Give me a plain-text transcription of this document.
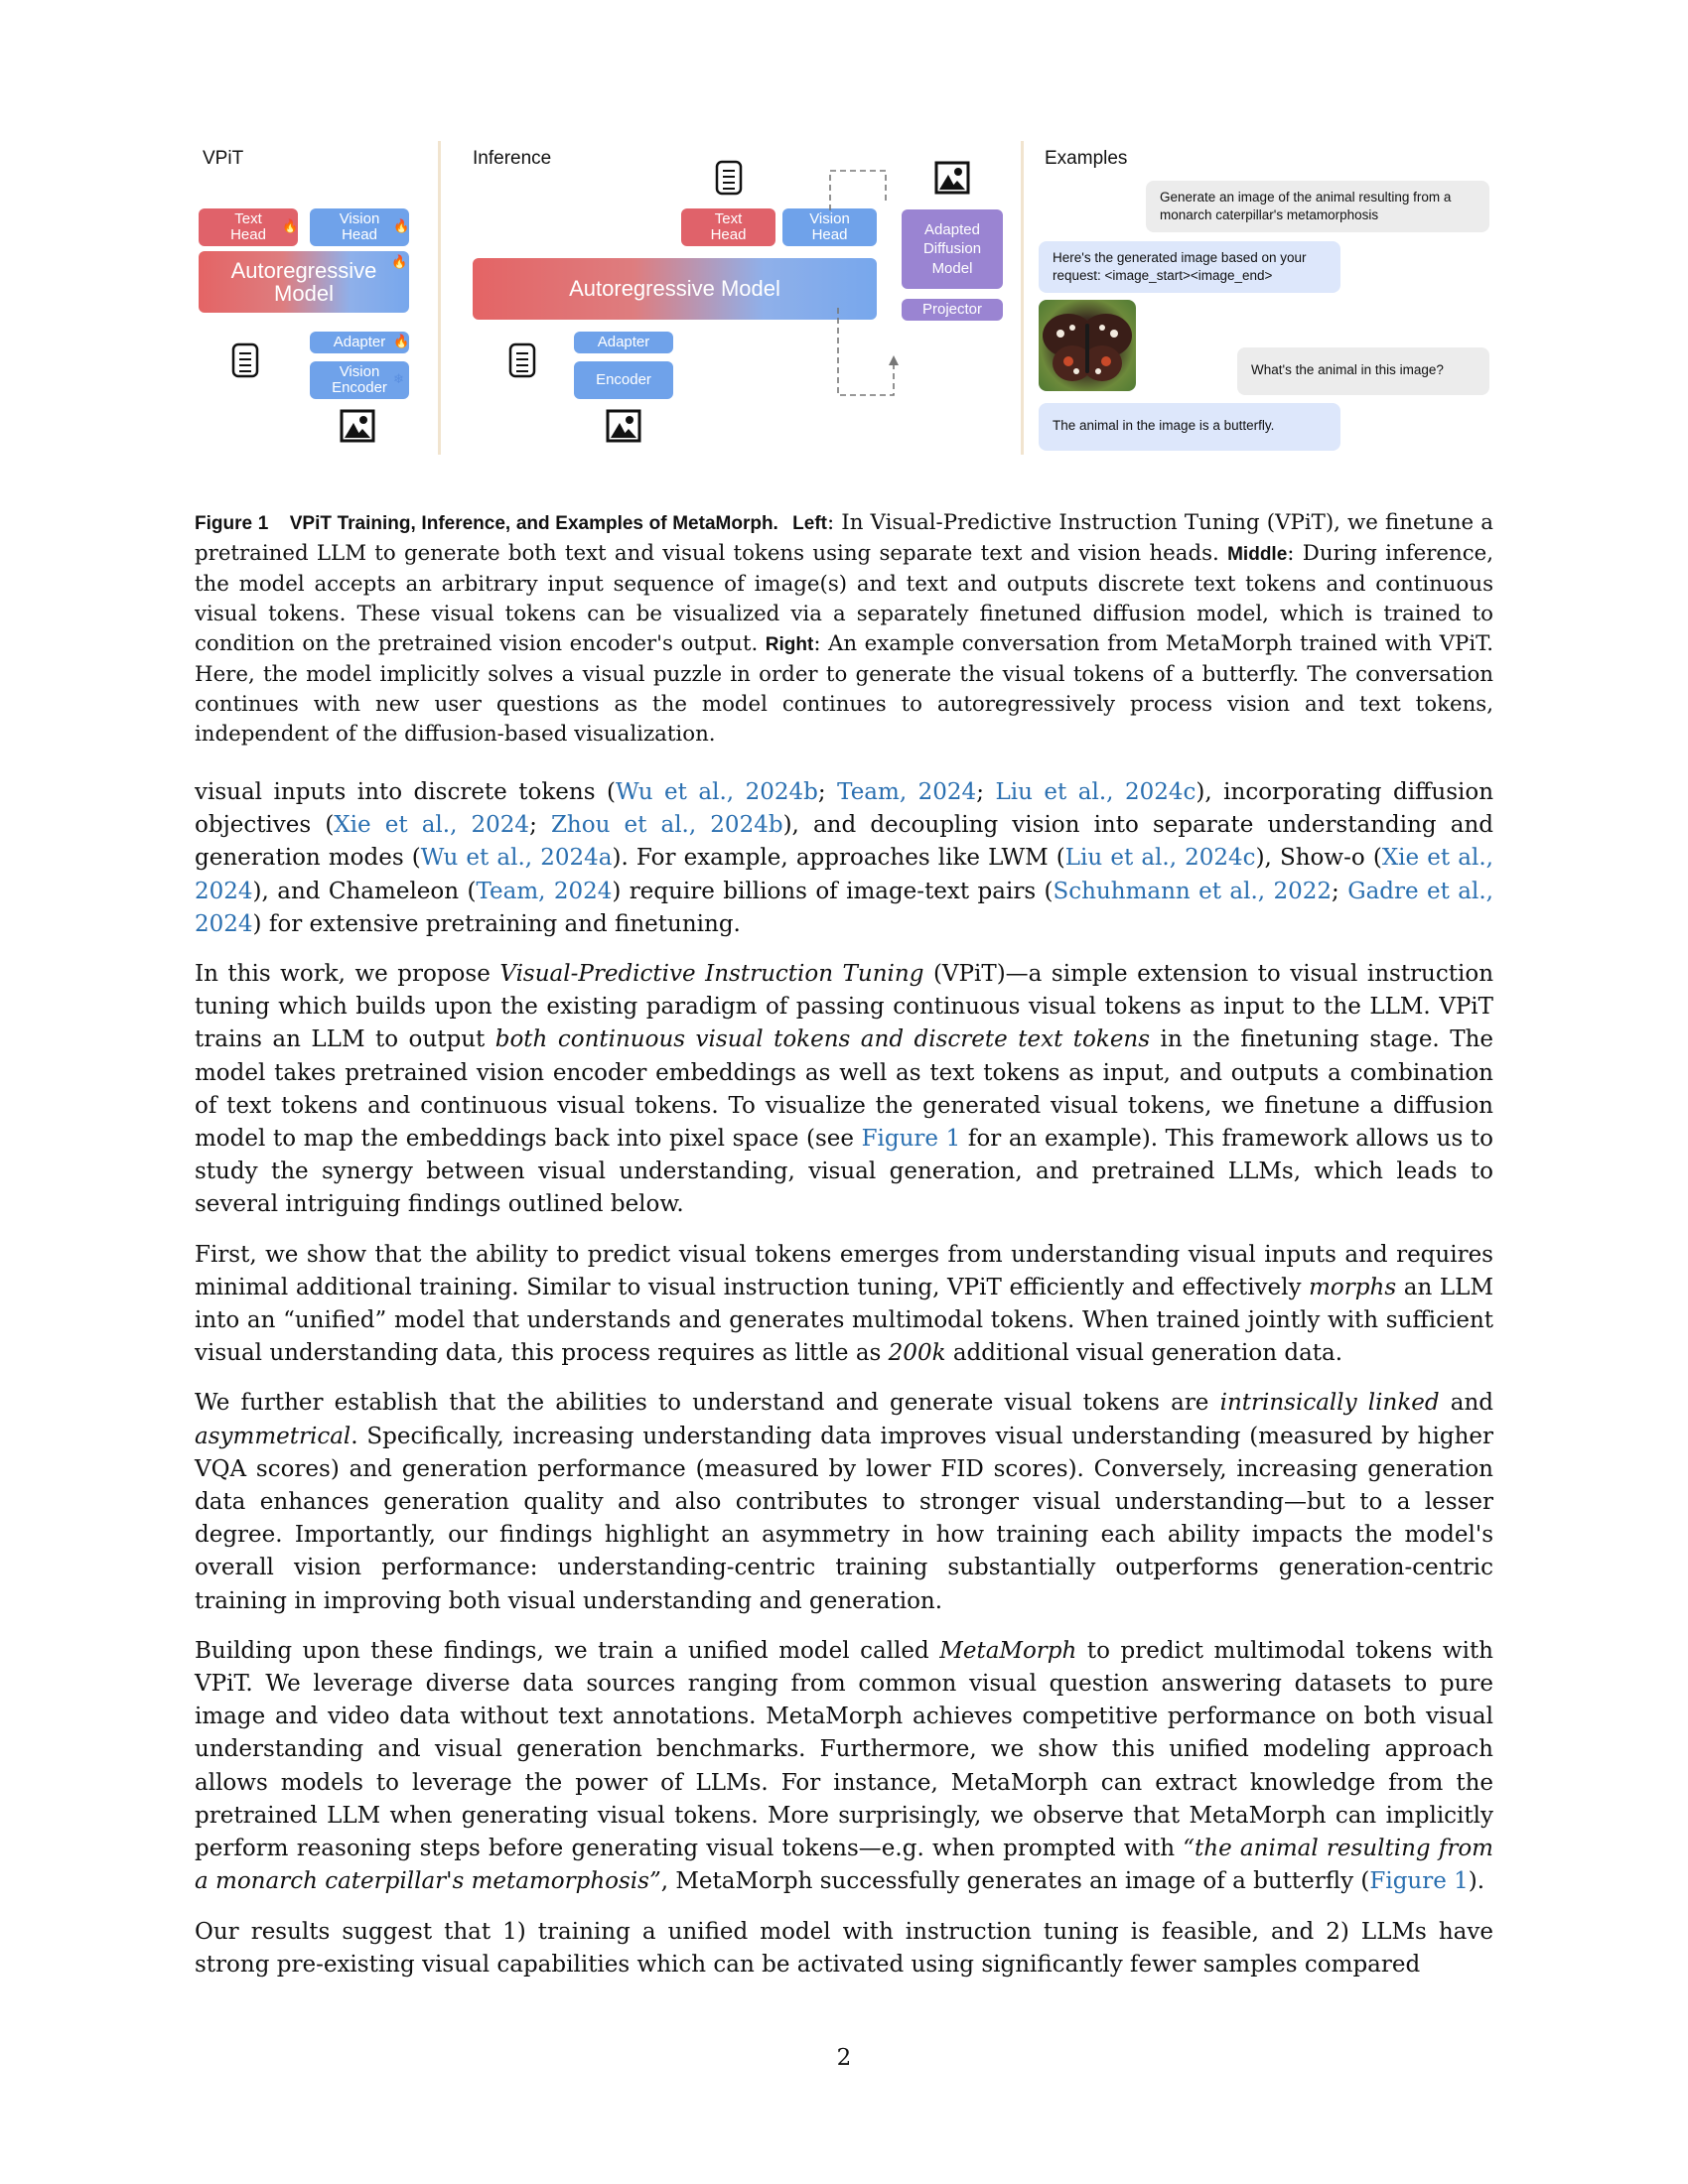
VPiT
Text Head
🔥	Vision Head
🔥
Autoregressive Model
🔥
Adapter 🔥
Vision Encoder
❄
Inference
Text Head
Vision Head
Autoregressive Model
Adapter
Encoder
Adapted Diffusion Model
Projector
Examples
Generate an image of the animal resulting from a monarch caterpillar's metamorphosis
Here's the generated image based on your request: <image_start><image_end>
What's the animal in this image?
The animal in the image is a butterfly.
Figure 1 VPiT Training, Inference, and Examples of MetaMorph. Left: In Visual-Predictive Instruction Tuning (VPiT), we finetune a pretrained LLM to generate both text and visual tokens using separate text and vision heads. Middle: During inference, the model accepts an arbitrary input sequence of image(s) and text and outputs discrete text tokens and continuous visual tokens. These visual tokens can be visualized via a separately finetuned diffusion model, which is trained to condition on the pretrained vision encoder's output. Right: An example conversation from MetaMorph trained with VPiT. Here, the model implicitly solves a visual puzzle in order to generate the visual tokens of a butterfly. The conversation continues with new user questions as the model continues to autoregressively process vision and text tokens, independent of the diffusion-based visualization.

visual inputs into discrete tokens (Wu et al., 2024b; Team, 2024; Liu et al., 2024c), incorporating diffusion objectives (Xie et al., 2024; Zhou et al., 2024b), and decoupling vision into separate understanding and generation modes (Wu et al., 2024a). For example, approaches like LWM (Liu et al., 2024c), Show-o (Xie et al., 2024), and Chameleon (Team, 2024) require billions of image-text pairs (Schuhmann et al., 2022; Gadre et al., 2024) for extensive pretraining and finetuning.

In this work, we propose Visual-Predictive Instruction Tuning (VPiT)—a simple extension to visual instruction tuning which builds upon the existing paradigm of passing continuous visual tokens as input to the LLM. VPiT trains an LLM to output both continuous visual tokens and discrete text tokens in the finetuning stage. The model takes pretrained vision encoder embeddings as well as text tokens as input, and outputs a combination of text tokens and continuous visual tokens. To visualize the generated visual tokens, we finetune a diffusion model to map the embeddings back into pixel space (see Figure 1 for an example). This framework allows us to study the synergy between visual understanding, visual generation, and pretrained LLMs, which leads to several intriguing findings outlined below.

First, we show that the ability to predict visual tokens emerges from understanding visual inputs and requires minimal additional training. Similar to visual instruction tuning, VPiT efficiently and effectively morphs an LLM into an “unified” model that understands and generates multimodal tokens. When trained jointly with sufficient visual understanding data, this process requires as little as 200k additional visual generation data.

We further establish that the abilities to understand and generate visual tokens are intrinsically linked and asymmetrical. Specifically, increasing understanding data improves visual understanding (measured by higher VQA scores) and generation performance (measured by lower FID scores). Conversely, increasing generation data enhances generation quality and also contributes to stronger visual understanding—but to a lesser degree. Importantly, our findings highlight an asymmetry in how training each ability impacts the model's overall vision performance: understanding-centric training substantially outperforms generation-centric training in improving both visual understanding and generation.

Building upon these findings, we train a unified model called MetaMorph to predict multimodal tokens with VPiT. We leverage diverse data sources ranging from common visual question answering datasets to pure image and video data without text annotations. MetaMorph achieves competitive performance on both visual understanding and visual generation benchmarks. Furthermore, we show this unified modeling approach allows models to leverage the power of LLMs. For instance, MetaMorph can extract knowledge from the pretrained LLM when generating visual tokens. More surprisingly, we observe that MetaMorph can implicitly perform reasoning steps before generating visual tokens—e.g. when prompted with “the animal resulting from a monarch caterpillar's metamorphosis”, MetaMorph successfully generates an image of a butterfly (Figure 1).

Our results suggest that 1) training a unified model with instruction tuning is feasible, and 2) LLMs have strong pre-existing visual capabilities which can be activated using significantly fewer samples compared

2
